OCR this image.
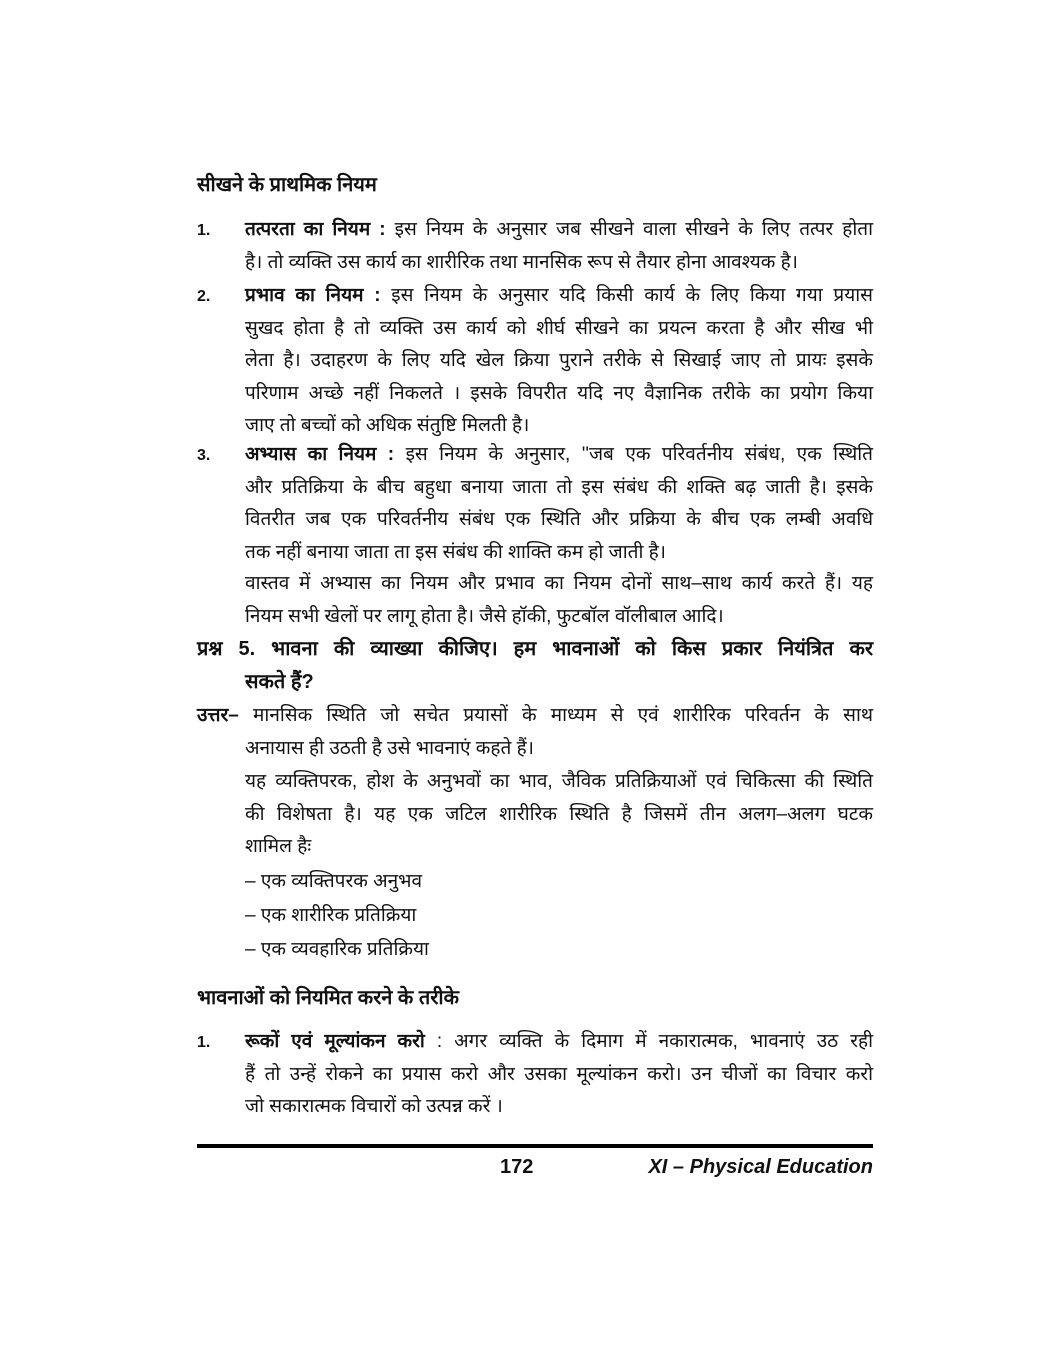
सीखने के प्राथमिक नियम
1.	तत्परता का नियम : इस नियम के अनुसार जब सीखने वाला सीखने के लिए तत्पर होता
है। तो व्यक्ति उस कार्य का शारीरिक तथा मानसिक रूप से तैयार होना आवश्यक है।
2.	प्रभाव का नियम : इस नियम के अनुसार यदि किसी कार्य के लिए किया गया प्रयास
सुखद होता है तो व्यक्ति उस कार्य को शीर्घ सीखने का प्रयत्न करता है और सीख भी
लेता है। उदाहरण के लिए यदि खेल क्रिया पुराने तरीके से सिखाई जाए तो प्रायः इसके
परिणाम अच्छे नहीं निकलते । इसके विपरीत यदि नए वैज्ञानिक तरीके का प्रयोग किया
जाए तो बच्चों को अधिक संतुष्टि मिलती है।
3.	अभ्यास का नियम : इस नियम के अनुसार, ''जब एक परिवर्तनीय संबंध, एक स्थिति
और प्रतिक्रिया के बीच बहुधा बनाया जाता तो इस संबंध की शक्ति बढ़ जाती है। इसके
वितरीत जब एक परिवर्तनीय संबंध एक स्थिति और प्रक्रिया के बीच एक लम्बी अवधि
तक नहीं बनाया जाता ता इस संबंध की शाक्ति कम हो जाती है।
वास्तव में अभ्यास का नियम और प्रभाव का नियम दोनों साथ–साथ कार्य करते हैं। यह
नियम सभी खेलों पर लागू होता है। जैसे हॉकी, फुटबॉल वॉलीबाल आदि।
प्रश्न 5. भावना की व्याख्या कीजिए। हम भावनाओं को किस प्रकार नियंत्रित कर
सकते हैं?
उत्तर– मानसिक स्थिति जो सचेत प्रयासों के माध्यम से एवं शारीरिक परिवर्तन के साथ
अनायास ही उठती है उसे भावनाएं कहते हैं।
यह व्यक्तिपरक, होश के अनुभवों का भाव, जैविक प्रतिक्रियाओं एवं चिकित्सा की स्थिति
की विशेषता है। यह एक जटिल शारीरिक स्थिति है जिसमें तीन अलग–अलग घटक
शामिल हैः
– एक व्यक्तिपरक अनुभव
– एक शारीरिक प्रतिक्रिया
– एक व्यवहारिक प्रतिक्रिया
भावनाओं को नियमित करने के तरीके
1.	रूकों एवं मूल्यांकन करो : अगर व्यक्ति के दिमाग में नकारात्मक, भावनाएं उठ रही
हैं तो उन्हें रोकने का प्रयास करो और उसका मूल्यांकन करो। उन चीजों का विचार करो
जो सकारात्मक विचारों को उत्पन्न करें ।
172	XI – Physical Education
